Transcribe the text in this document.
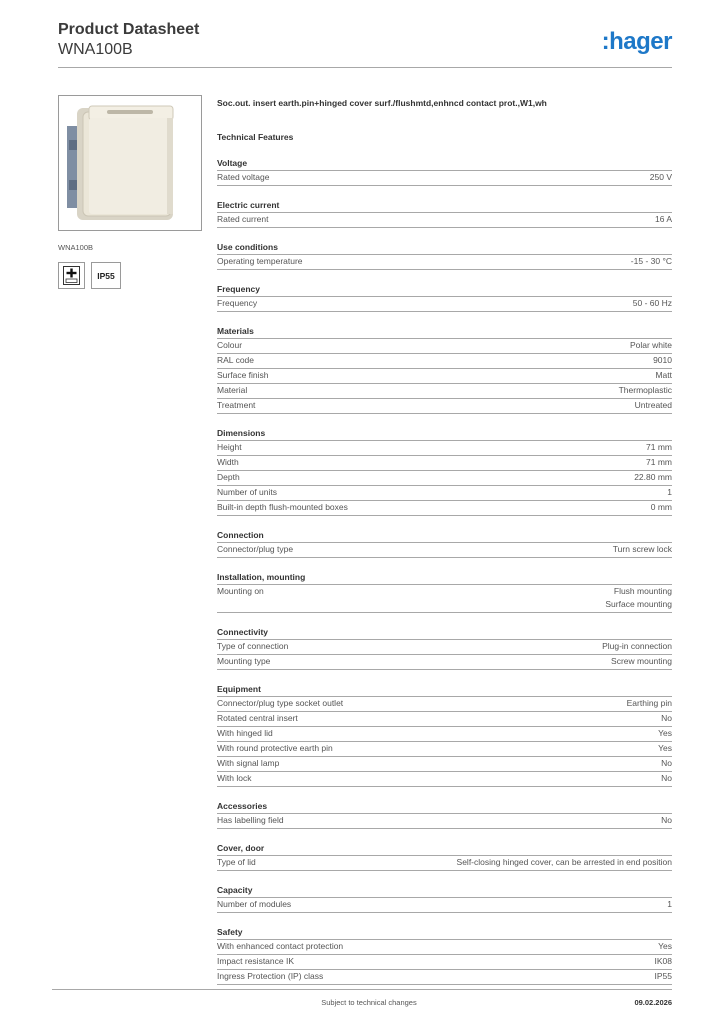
Product Datasheet
WNA100B	:hager
WNA100B
IP55
Soc.out. insert earth.pin+hinged cover surf./flushmtd,enhncd contact prot.,W1,wh
Technical Features
Voltage
Rated voltage	250 V
Electric current
Rated current	16 A
Use conditions
Operating temperature	-15 - 30 °C
Frequency
Frequency	50 - 60 Hz
Materials
Colour	Polar white
RAL code	9010
Surface finish	Matt
Material	Thermoplastic
Treatment	Untreated
Dimensions
Height	71 mm
Width	71 mm
Depth	22.80 mm
Number of units	1
Built-in depth flush-mounted boxes	0 mm
Connection
Connector/plug type	Turn screw lock
Installation, mounting
Mounting on	Flush mounting
Surface mounting
Connectivity
Type of connection	Plug-in connection
Mounting type	Screw mounting
Equipment
Connector/plug type socket outlet	Earthing pin
Rotated central insert	No
With hinged lid	Yes
With round protective earth pin	Yes
With signal lamp	No
With lock	No
Accessories
Has labelling field	No
Cover, door
Type of lid	Self-closing hinged cover, can be arrested in end position
Capacity
Number of modules	1
Safety
With enhanced contact protection	Yes
Impact resistance IK	IK08
Ingress Protection (IP) class	IP55
Subject to technical changes	09.02.2026
